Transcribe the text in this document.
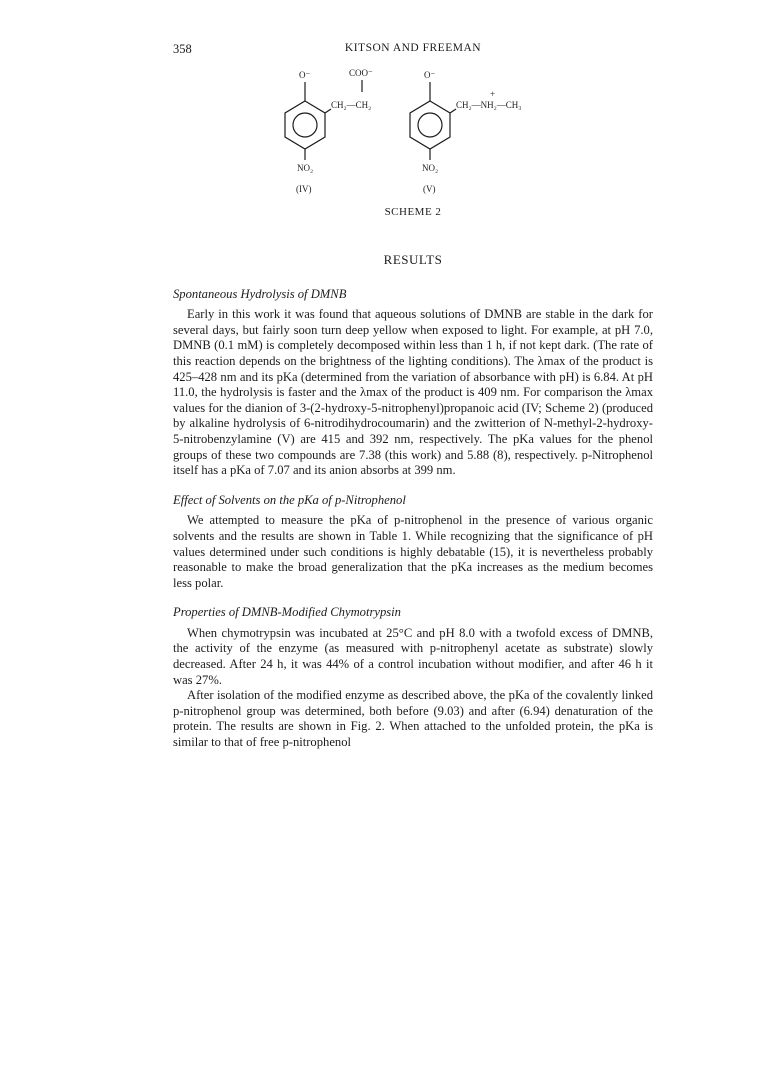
358	KITSON AND FREEMAN
O⁻	COO⁻
CH₂—CH₂
NO₂
(IV)
O⁻
+
CH₂—NH₂—CH₃
NO₂
(V)
SCHEME 2
RESULTS
Spontaneous Hydrolysis of DMNB

Early in this work it was found that aqueous solutions of DMNB are stable in the dark for several days, but fairly soon turn deep yellow when exposed to light. For example, at pH 7.0, DMNB (0.1 mM) is completely decomposed within less than 1 h, if not kept dark. (The rate of this reaction depends on the brightness of the lighting conditions). The λmax of the product is 425–428 nm and its pKa (determined from the variation of absorbance with pH) is 6.84. At pH 11.0, the hydrolysis is faster and the λmax of the product is 409 nm. For comparison the λmax values for the dianion of 3-(2-hydroxy-5-nitrophenyl)propanoic acid (IV; Scheme 2) (produced by alkaline hydrolysis of 6-nitrodihydrocoumarin) and the zwitterion of N-methyl-2-hydroxy-5-nitrobenzylamine (V) are 415 and 392 nm, respectively. The pKa values for the phenol groups of these two compounds are 7.38 (this work) and 5.88 (8), respectively. p-Nitrophenol itself has a pKa of 7.07 and its anion absorbs at 399 nm.

Effect of Solvents on the pKa of p-Nitrophenol

We attempted to measure the pKa of p-nitrophenol in the presence of various organic solvents and the results are shown in Table 1. While recognizing that the significance of pH values determined under such conditions is highly debatable (15), it is nevertheless probably reasonable to make the broad generalization that the pKa increases as the medium becomes less polar.

Properties of DMNB-Modified Chymotrypsin

When chymotrypsin was incubated at 25°C and pH 8.0 with a twofold excess of DMNB, the activity of the enzyme (as measured with p-nitrophenyl acetate as substrate) slowly decreased. After 24 h, it was 44% of a control incubation without modifier, and after 46 h it was 27%.

After isolation of the modified enzyme as described above, the pKa of the covalently linked p-nitrophenol group was determined, both before (9.03) and after (6.94) denaturation of the protein. The results are shown in Fig. 2. When attached to the unfolded protein, the pKa is similar to that of free p-nitrophenol
